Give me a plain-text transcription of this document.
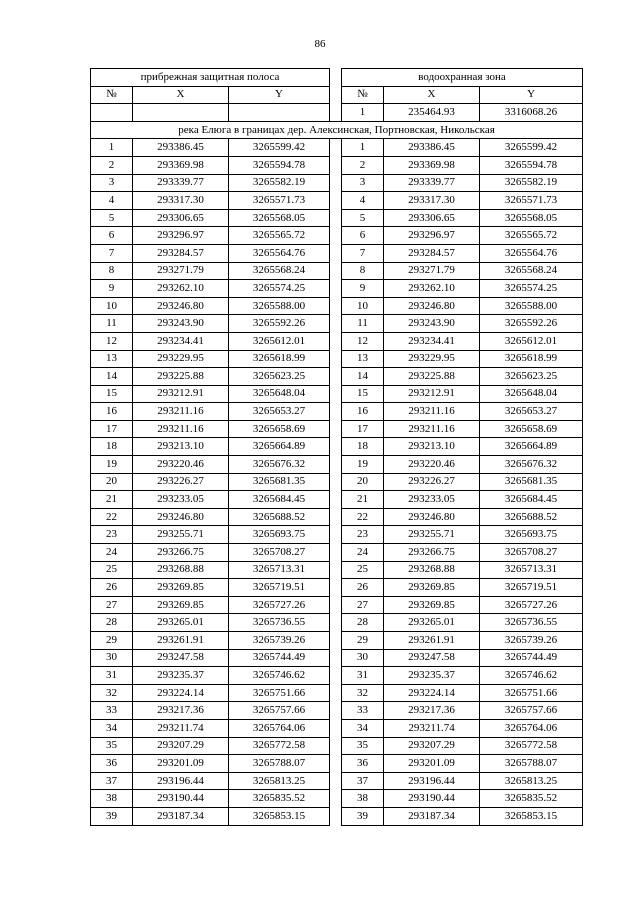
86
прибрежная защитная полоса				водоохранная зона		
№	X	Y		№	X	Y
				1	235464.93	3316068.26
река Елюга в границах дер. Алексинская, Портновская, Никольская						
1	293386.45	3265599.42		1	293386.45	3265599.42
2	293369.98	3265594.78		2	293369.98	3265594.78
3	293339.77	3265582.19		3	293339.77	3265582.19
4	293317.30	3265571.73		4	293317.30	3265571.73
5	293306.65	3265568.05		5	293306.65	3265568.05
6	293296.97	3265565.72		6	293296.97	3265565.72
7	293284.57	3265564.76		7	293284.57	3265564.76
8	293271.79	3265568.24		8	293271.79	3265568.24
9	293262.10	3265574.25		9	293262.10	3265574.25
10	293246.80	3265588.00		10	293246.80	3265588.00
11	293243.90	3265592.26		11	293243.90	3265592.26
12	293234.41	3265612.01		12	293234.41	3265612.01
13	293229.95	3265618.99		13	293229.95	3265618.99
14	293225.88	3265623.25		14	293225.88	3265623.25
15	293212.91	3265648.04		15	293212.91	3265648.04
16	293211.16	3265653.27		16	293211.16	3265653.27
17	293211.16	3265658.69		17	293211.16	3265658.69
18	293213.10	3265664.89		18	293213.10	3265664.89
19	293220.46	3265676.32		19	293220.46	3265676.32
20	293226.27	3265681.35		20	293226.27	3265681.35
21	293233.05	3265684.45		21	293233.05	3265684.45
22	293246.80	3265688.52		22	293246.80	3265688.52
23	293255.71	3265693.75		23	293255.71	3265693.75
24	293266.75	3265708.27		24	293266.75	3265708.27
25	293268.88	3265713.31		25	293268.88	3265713.31
26	293269.85	3265719.51		26	293269.85	3265719.51
27	293269.85	3265727.26		27	293269.85	3265727.26
28	293265.01	3265736.55		28	293265.01	3265736.55
29	293261.91	3265739.26		29	293261.91	3265739.26
30	293247.58	3265744.49		30	293247.58	3265744.49
31	293235.37	3265746.62		31	293235.37	3265746.62
32	293224.14	3265751.66		32	293224.14	3265751.66
33	293217.36	3265757.66		33	293217.36	3265757.66
34	293211.74	3265764.06		34	293211.74	3265764.06
35	293207.29	3265772.58		35	293207.29	3265772.58
36	293201.09	3265788.07		36	293201.09	3265788.07
37	293196.44	3265813.25		37	293196.44	3265813.25
38	293190.44	3265835.52		38	293190.44	3265835.52
39	293187.34	3265853.15		39	293187.34	3265853.15
